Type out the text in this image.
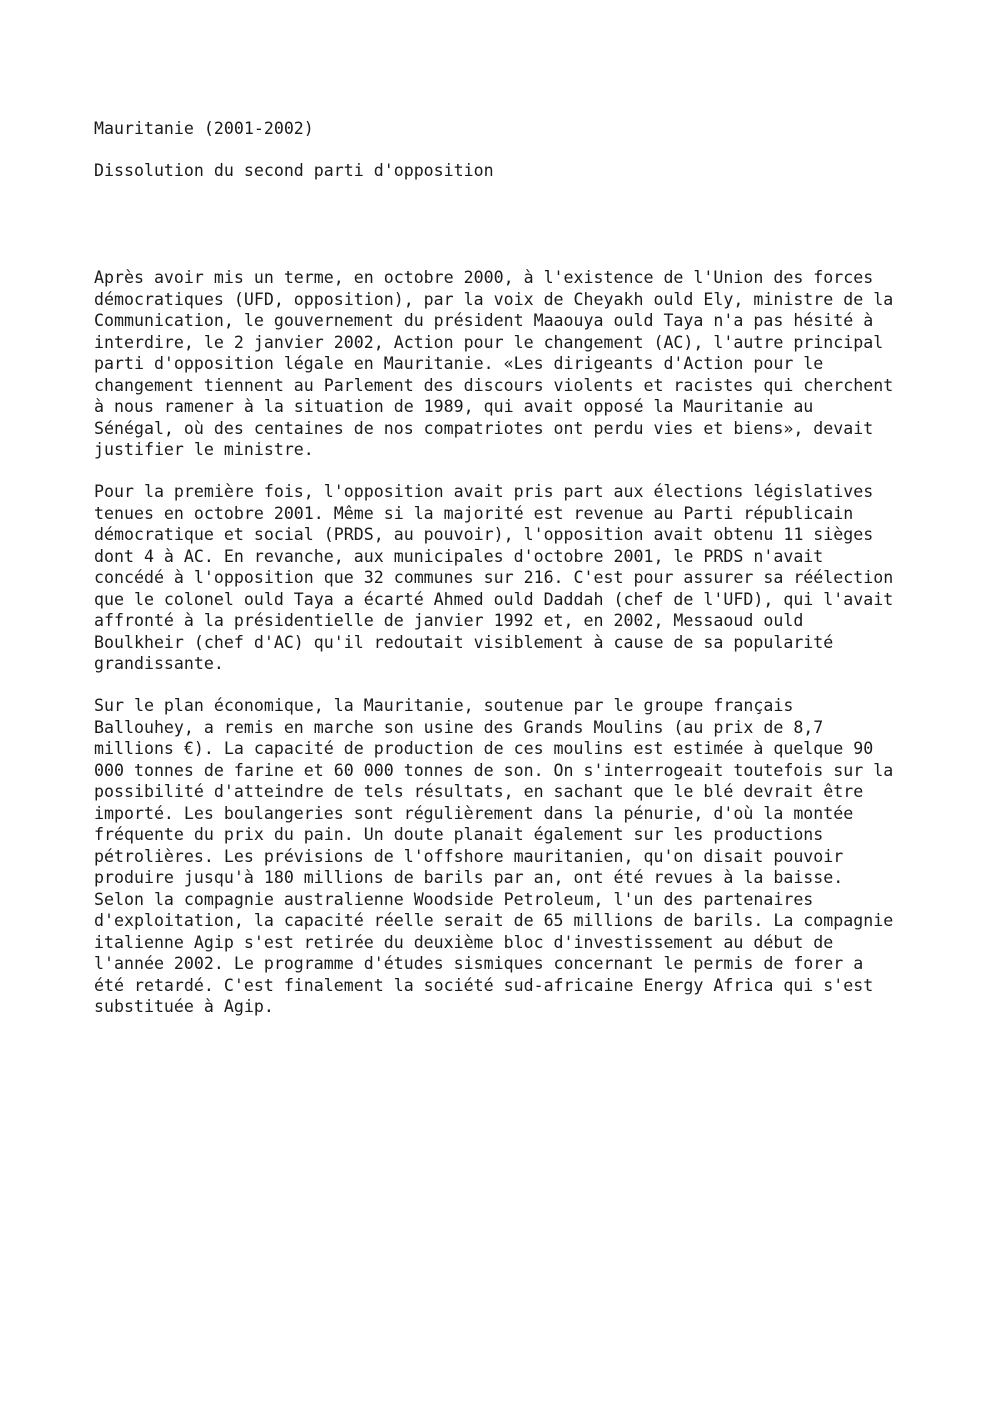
Mauritanie (2001-2002)

Dissolution du second parti d'opposition

Après avoir mis un terme, en octobre 2000, à l'existence de l'Union des forces
démocratiques (UFD, opposition), par la voix de Cheyakh ould Ely, ministre de la
Communication, le gouvernement du président Maaouya ould Taya n'a pas hésité à
interdire, le 2 janvier 2002, Action pour le changement (AC), l'autre principal
parti d'opposition légale en Mauritanie. «Les dirigeants d'Action pour le
changement tiennent au Parlement des discours violents et racistes qui cherchent
à nous ramener à la situation de 1989, qui avait opposé la Mauritanie au
Sénégal, où des centaines de nos compatriotes ont perdu vies et biens», devait
justifier le ministre.

Pour la première fois, l'opposition avait pris part aux élections législatives
tenues en octobre 2001. Même si la majorité est revenue au Parti républicain
démocratique et social (PRDS, au pouvoir), l'opposition avait obtenu 11 sièges
dont 4 à AC. En revanche, aux municipales d'octobre 2001, le PRDS n'avait
concédé à l'opposition que 32 communes sur 216. C'est pour assurer sa réélection
que le colonel ould Taya a écarté Ahmed ould Daddah (chef de l'UFD), qui l'avait
affronté à la présidentielle de janvier 1992 et, en 2002, Messaoud ould
Boulkheir (chef d'AC) qu'il redoutait visiblement à cause de sa popularité
grandissante.

Sur le plan économique, la Mauritanie, soutenue par le groupe français
Ballouhey, a remis en marche son usine des Grands Moulins (au prix de 8,7
millions €). La capacité de production de ces moulins est estimée à quelque 90
000 tonnes de farine et 60 000 tonnes de son. On s'interrogeait toutefois sur la
possibilité d'atteindre de tels résultats, en sachant que le blé devrait être
importé. Les boulangeries sont régulièrement dans la pénurie, d'où la montée
fréquente du prix du pain. Un doute planait également sur les productions
pétrolières. Les prévisions de l'offshore mauritanien, qu'on disait pouvoir
produire jusqu'à 180 millions de barils par an, ont été revues à la baisse.
Selon la compagnie australienne Woodside Petroleum, l'un des partenaires
d'exploitation, la capacité réelle serait de 65 millions de barils. La compagnie
italienne Agip s'est retirée du deuxième bloc d'investissement au début de
l'année 2002. Le programme d'études sismiques concernant le permis de forer a
été retardé. C'est finalement la société sud-africaine Energy Africa qui s'est
substituée à Agip.
